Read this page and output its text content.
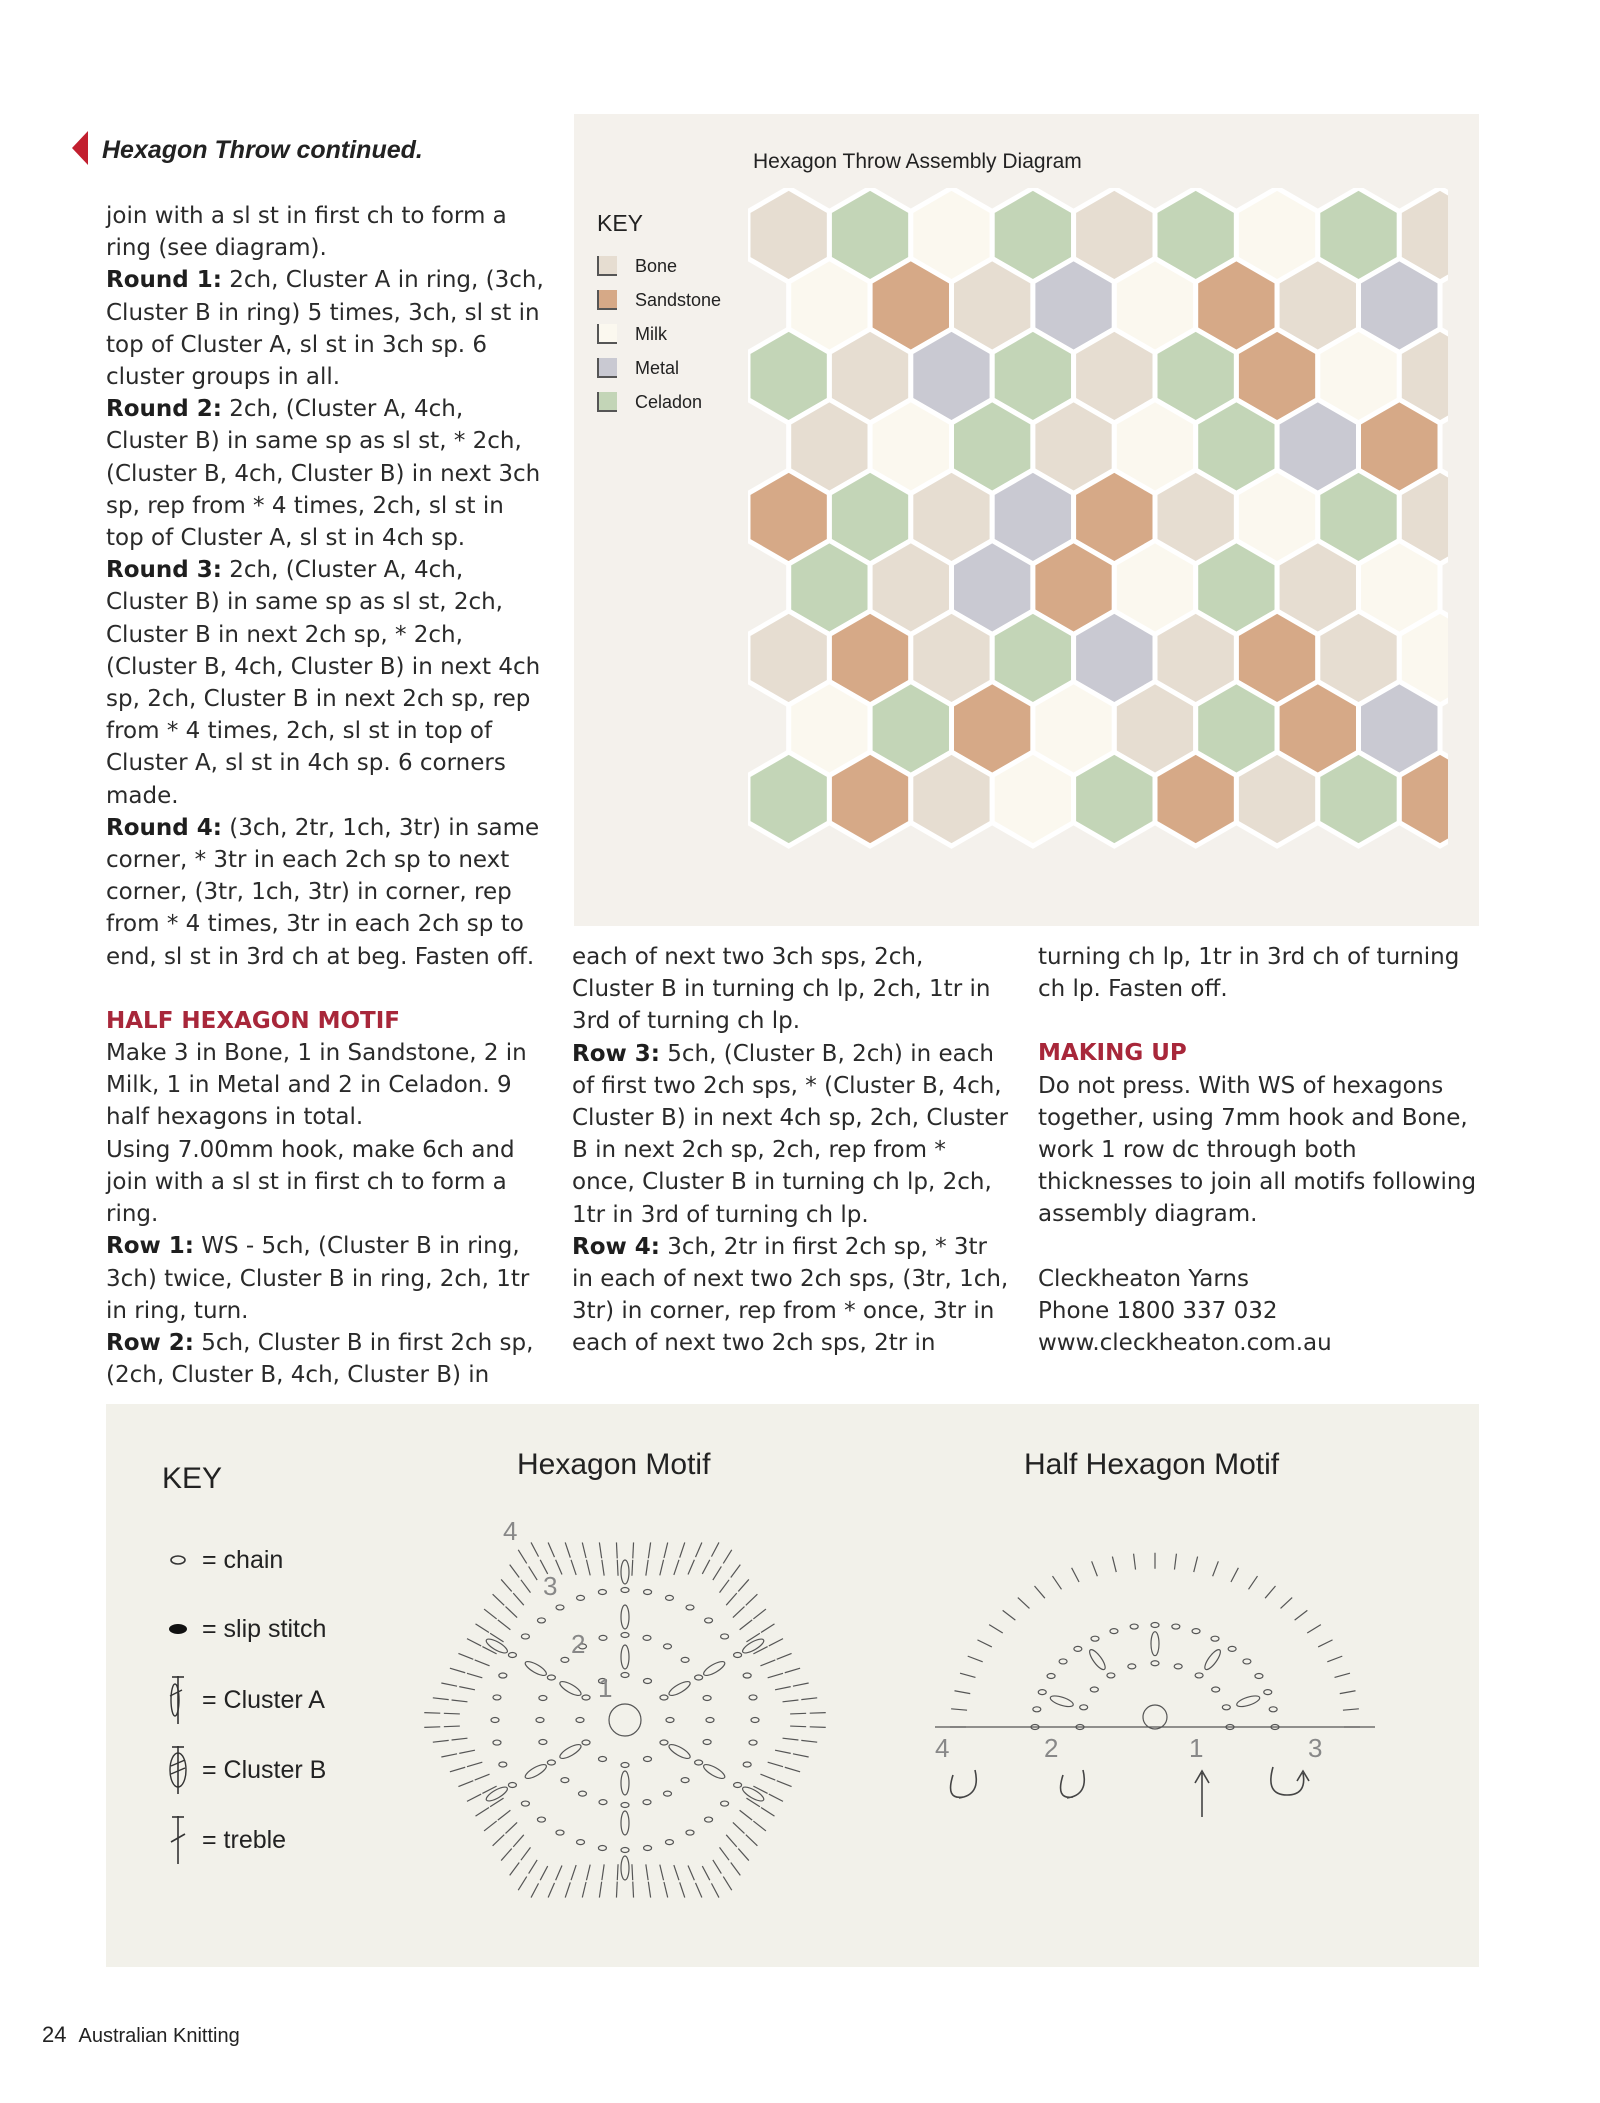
Hexagon Throw continued.

join with a sl st in first ch to form a ring (see diagram).

Round 1: 2ch, Cluster A in ring, (3ch, Cluster B in ring) 5 times, 3ch, sl st in top of Cluster A, sl st in 3ch sp. 6 cluster groups in all.

Round 2: 2ch, (Cluster A, 4ch, Cluster B) in same sp as sl st, * 2ch, (Cluster B, 4ch, Cluster B) in next 3ch sp, rep from * 4 times, 2ch, sl st in top of Cluster A, sl st in 4ch sp.

Round 3: 2ch, (Cluster A, 4ch, Cluster B) in same sp as sl st, 2ch, Cluster B in next 2ch sp, * 2ch, (Cluster B, 4ch, Cluster B) in next 4ch sp, 2ch, Cluster B in next 2ch sp, rep from * 4 times, 2ch, sl st in top of Cluster A, sl st in 4ch sp. 6 corners made.

Round 4: (3ch, 2tr, 1ch, 3tr) in same corner, * 3tr in each 2ch sp to next corner, (3tr, 1ch, 3tr) in corner, rep from * 4 times, 3tr in each 2ch sp to end, sl st in 3rd ch at beg. Fasten off.

HALF HEXAGON MOTIF

Make 3 in Bone, 1 in Sandstone, 2 in Milk, 1 in Metal and 2 in Celadon. 9 half hexagons in total.

Using 7.00mm hook, make 6ch and join with a sl st in first ch to form a ring.

Row 1: WS - 5ch, (Cluster B in ring, 3ch) twice, Cluster B in ring, 2ch, 1tr in ring, turn.

Row 2: 5ch, Cluster B in first 2ch sp, (2ch, Cluster B, 4ch, Cluster B) in

Hexagon Throw Assembly Diagram
KEY
Bone
Sandstone
Milk
Metal
Celadon

each of next two 3ch sps, 2ch, Cluster B in turning ch lp, 2ch, 1tr in 3rd of turning ch lp.

Row 3: 5ch, (Cluster B, 2ch) in each of first two 2ch sps, * (Cluster B, 4ch, Cluster B) in next 4ch sp, 2ch, Cluster B in next 2ch sp, 2ch, rep from * once, Cluster B in turning ch lp, 2ch, 1tr in 3rd of turning ch lp.

Row 4: 3ch, 2tr in first 2ch sp, * 3tr in each of next two 2ch sps, (3tr, 1ch, 3tr) in corner, rep from * once, 3tr in each of next two 2ch sps, 2tr in

turning ch lp, 1tr in 3rd ch of turning ch lp. Fasten off.

MAKING UP

Do not press. With WS of hexagons together, using 7mm hook and Bone, work 1 row dc through both thicknesses to join all motifs following assembly diagram.

Cleckheaton Yarns

Phone 1800 337 032

www.cleckheaton.com.au

KEY
= chain
= slip stitch
= Cluster A
= Cluster B
= treble
Hexagon Motif	Half Hexagon Motif
4
3
2
1
4	2	1	3
24 Australian Knitting
